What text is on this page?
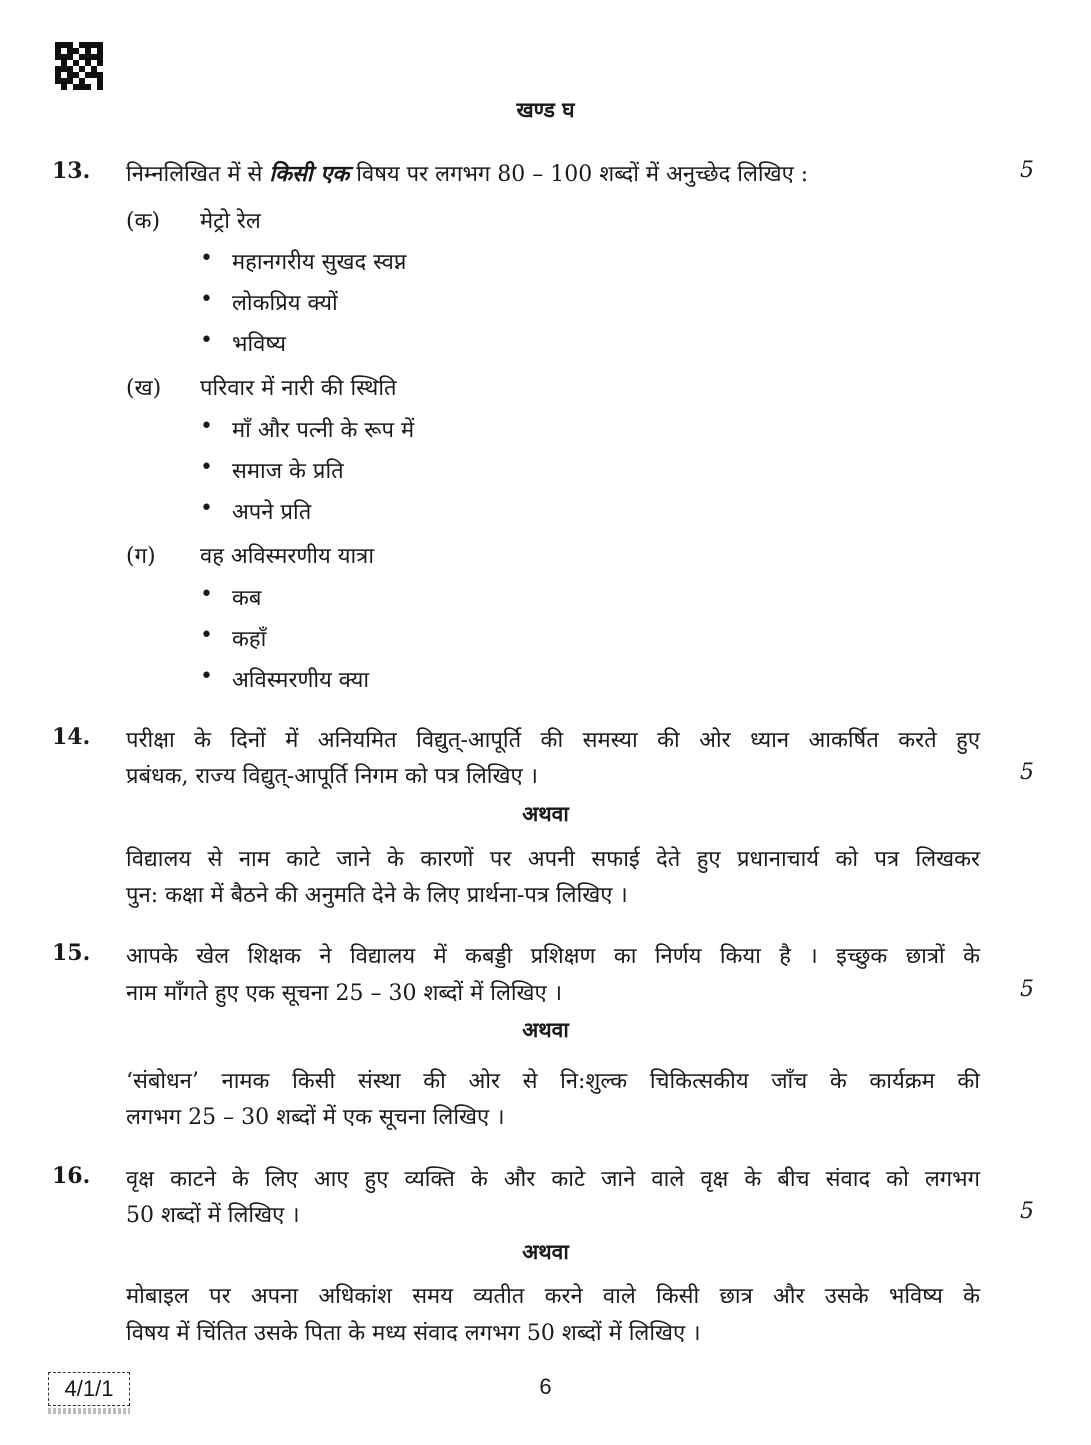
खण्ड घ
13. निम्नलिखित में से किसी एक विषय पर लगभग 80 – 100 शब्दों में अनुच्छेद लिखिए :	5
(क) मेट्रो रेल
• महानगरीय सुखद स्वप्न
• लोकप्रिय क्यों
• भविष्य
(ख) परिवार में नारी की स्थिति
• माँ और पत्नी के रूप में
• समाज के प्रति
• अपने प्रति
(ग) वह अविस्मरणीय यात्रा
• कब
• कहाँ
• अविस्मरणीय क्या
14. परीक्षा के दिनों में अनियमित विद्युत्-आपूर्ति की समस्या की ओर ध्यान आकर्षित करते हुए
प्रबंधक, राज्य विद्युत्-आपूर्ति निगम को पत्र लिखिए ।	5
अथवा
विद्यालय से नाम काटे जाने के कारणों पर अपनी सफाई देते हुए प्रधानाचार्य को पत्र लिखकर
पुन: कक्षा में बैठने की अनुमति देने के लिए प्रार्थना-पत्र लिखिए ।
15. आपके खेल शिक्षक ने विद्यालय में कबड्डी प्रशिक्षण का निर्णय किया है । इच्छुक छात्रों के
नाम माँगते हुए एक सूचना 25 – 30 शब्दों में लिखिए ।	5
अथवा
‘संबोधन’ नामक किसी संस्था की ओर से नि:शुल्क चिकित्सकीय जाँच के कार्यक्रम की
लगभग 25 – 30 शब्दों में एक सूचना लिखिए ।
16. वृक्ष काटने के लिए आए हुए व्यक्ति के और काटे जाने वाले वृक्ष के बीच संवाद को लगभग
50 शब्दों में लिखिए ।	5
अथवा
मोबाइल पर अपना अधिकांश समय व्यतीत करने वाले किसी छात्र और उसके भविष्य के
विषय में चिंतित उसके पिता के मध्य संवाद लगभग 50 शब्दों में लिखिए ।
4/1/1	6
